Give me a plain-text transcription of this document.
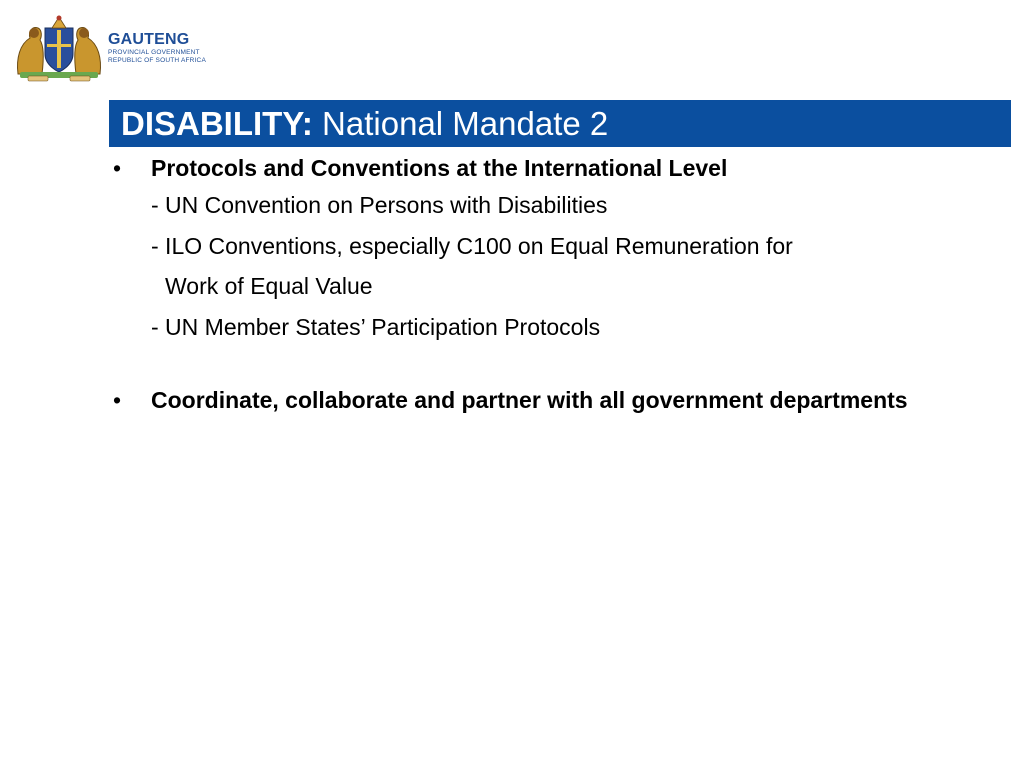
GAUTENG
PROVINCIAL GOVERNMENT
REPUBLIC OF SOUTH AFRICA
DISABILITY: National Mandate 2
•	Protocols and Conventions at the International Level
- UN Convention on Persons with Disabilities
- ILO Conventions, especially C100 on Equal Remuneration for
Work of Equal Value
- UN Member States’ Participation Protocols
•	Coordinate, collaborate and partner with all government departments
